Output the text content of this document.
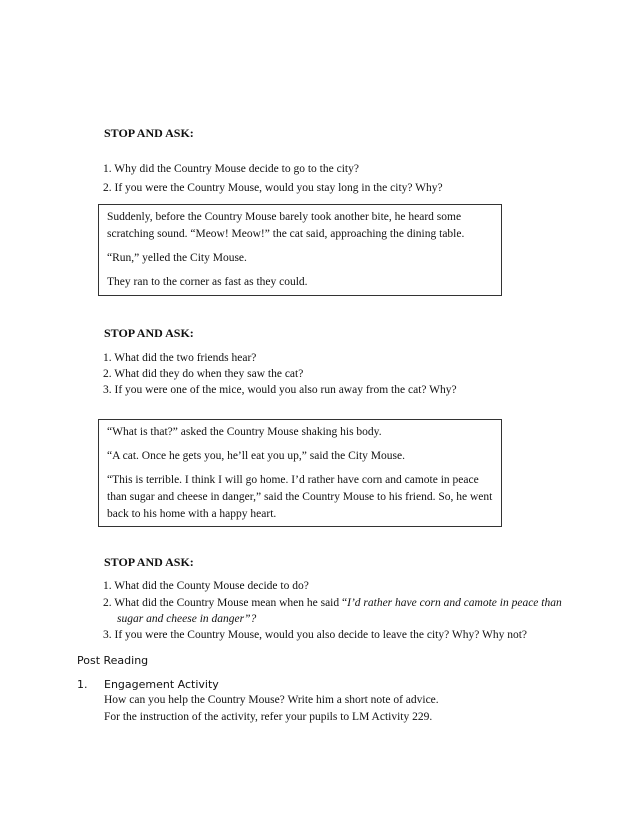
STOP AND ASK:
1. Why did the Country Mouse decide to go to the city?
2. If you were the Country Mouse, would you stay long in the city? Why?

Suddenly, before the Country Mouse barely took another bite, he heard some

scratching sound. “Meow! Meow!” the cat said, approaching the dining table.

“Run,” yelled the City Mouse.

They ran to the corner as fast as they could.

STOP AND ASK:
1. What did the two friends hear?
2. What did they do when they saw the cat?
3. If you were one of the mice, would you also run away from the cat? Why?

“What is that?” asked the Country Mouse shaking his body.

“A cat. Once he gets you, he’ll eat you up,” said the City Mouse.

“This is terrible. I think I will go home. I’d rather have corn and camote in peace

than sugar and cheese in danger,” said the Country Mouse to his friend. So, he went

back to his home with a happy heart.

STOP AND ASK:
1. What did the County Mouse decide to do?
2. What did the Country Mouse mean when he said “I’d rather have corn and camote in peace than
sugar and cheese in danger”?
3. If you were the Country Mouse, would you also decide to leave the city? Why? Why not?
Post Reading
1. Engagement Activity
How can you help the Country Mouse? Write him a short note of advice.
For the instruction of the activity, refer your pupils to LM Activity 229.
